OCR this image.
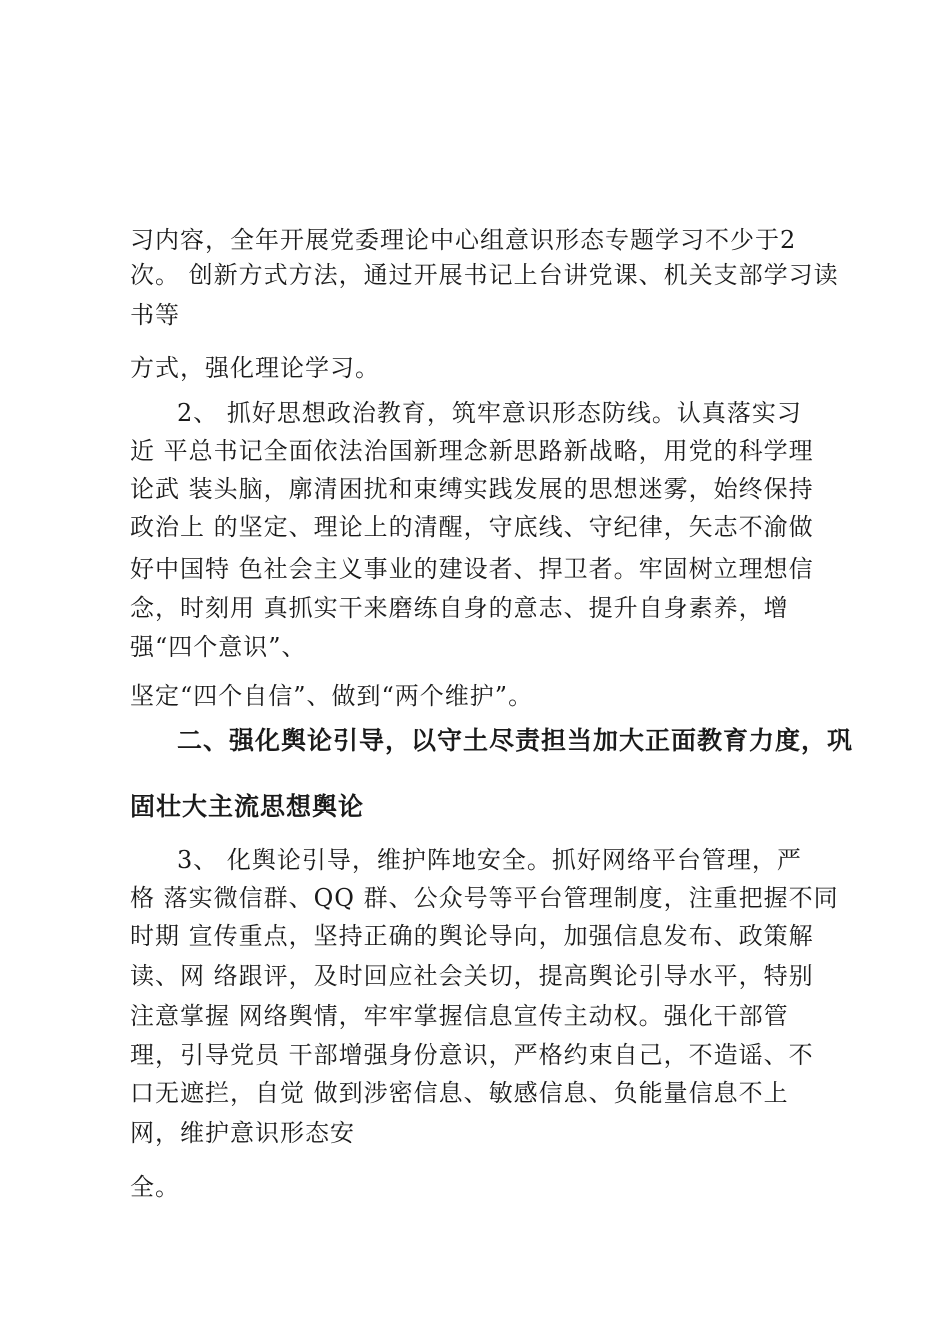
习内容，全年开展党委理论中心组意识形态专题学习不少于2
次。 创新方式方法，通过开展书记上台讲党课、机关支部学习读
书等
方式，强化理论学习。
2、 抓好思想政治教育，筑牢意识形态防线。认真落实习
近 平总书记全面依法治国新理念新思路新战略，用党的科学理
论武 装头脑，廓清困扰和束缚实践发展的思想迷雾，始终保持
政治上 的坚定、理论上的清醒，守底线、守纪律，矢志不渝做
好中国特 色社会主义事业的建设者、捍卫者。牢固树立理想信
念，时刻用 真抓实干来磨练自身的意志、提升自身素养，增
强“四个意识”、
坚定“四个自信”、做到“两个维护”。
二、强化舆论引导，以守土尽责担当加大正面教育力度，巩
固壮大主流思想舆论
3、 化舆论引导，维护阵地安全。抓好网络平台管理，严
格 落实微信群、QQ 群、公众号等平台管理制度，注重把握不同
时期 宣传重点，坚持正确的舆论导向，加强信息发布、政策解
读、网 络跟评，及时回应社会关切，提高舆论引导水平，特别
注意掌握 网络舆情，牢牢掌握信息宣传主动权。强化干部管
理，引导党员 干部增强身份意识，严格约束自己，不造谣、不
口无遮拦，自觉 做到涉密信息、敏感信息、负能量信息不上
网，维护意识形态安
全。
